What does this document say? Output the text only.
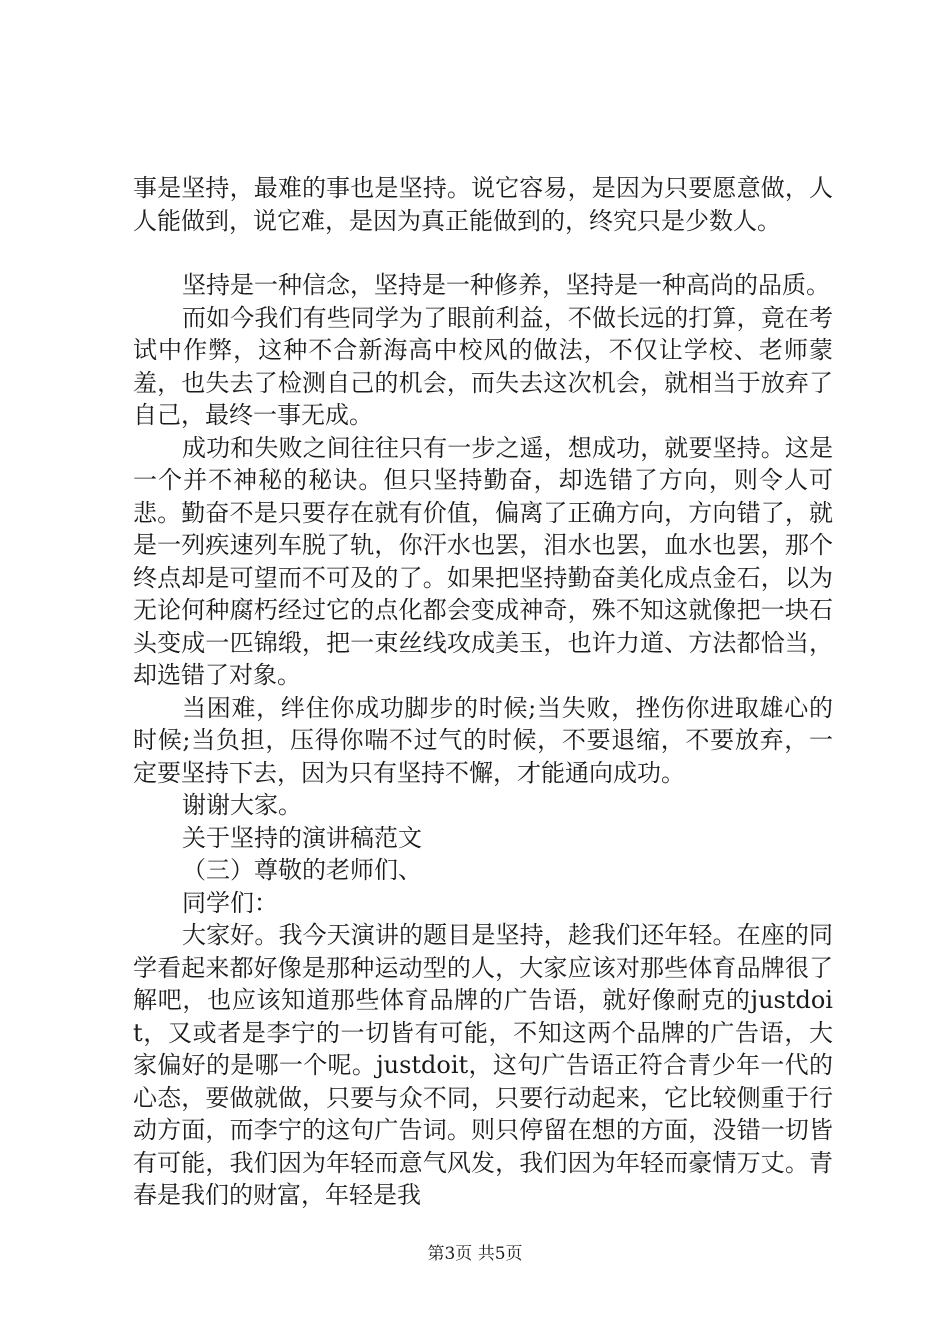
事是坚持，最难的事也是坚持。说它容易，是因为只要愿意做，人人能做到，说它难，是因为真正能做到的，终究只是少数人。

坚持是一种信念，坚持是一种修养，坚持是一种高尚的品质。

而如今我们有些同学为了眼前利益，不做长远的打算，竟在考试中作弊，这种不合新海高中校风的做法，不仅让学校、老师蒙羞，也失去了检测自己的机会，而失去这次机会，就相当于放弃了自己，最终一事无成。

成功和失败之间往往只有一步之遥，想成功，就要坚持。这是一个并不神秘的秘诀。但只坚持勤奋，却选错了方向，则令人可悲。勤奋不是只要存在就有价值，偏离了正确方向，方向错了，就是一列疾速列车脱了轨，你汗水也罢，泪水也罢，血水也罢，那个终点却是可望而不可及的了。如果把坚持勤奋美化成点金石，以为无论何种腐朽经过它的点化都会变成神奇，殊不知这就像把一块石头变成一匹锦缎，把一束丝线攻成美玉，也许力道、方法都恰当，却选错了对象。

当困难，绊住你成功脚步的时候;当失败，挫伤你进取雄心的时候;当负担，压得你喘不过气的时候，不要退缩，不要放弃，一定要坚持下去，因为只有坚持不懈，才能通向成功。

谢谢大家。

关于坚持的演讲稿范文

（三）尊敬的老师们、

同学们：

大家好。我今天演讲的题目是坚持，趁我们还年轻。在座的同学看起来都好像是那种运动型的人，大家应该对那些体育品牌很了解吧，也应该知道那些体育品牌的广告语，就好像耐克的justdoit，又或者是李宁的一切皆有可能，不知这两个品牌的广告语，大家偏好的是哪一个呢。justdoit，这句广告语正符合青少年一代的心态，要做就做，只要与众不同，只要行动起来，它比较侧重于行动方面，而李宁的这句广告词。则只停留在想的方面，没错一切皆有可能，我们因为年轻而意气风发，我们因为年轻而豪情万丈。青春是我们的财富，年轻是我

第3页 共5页
